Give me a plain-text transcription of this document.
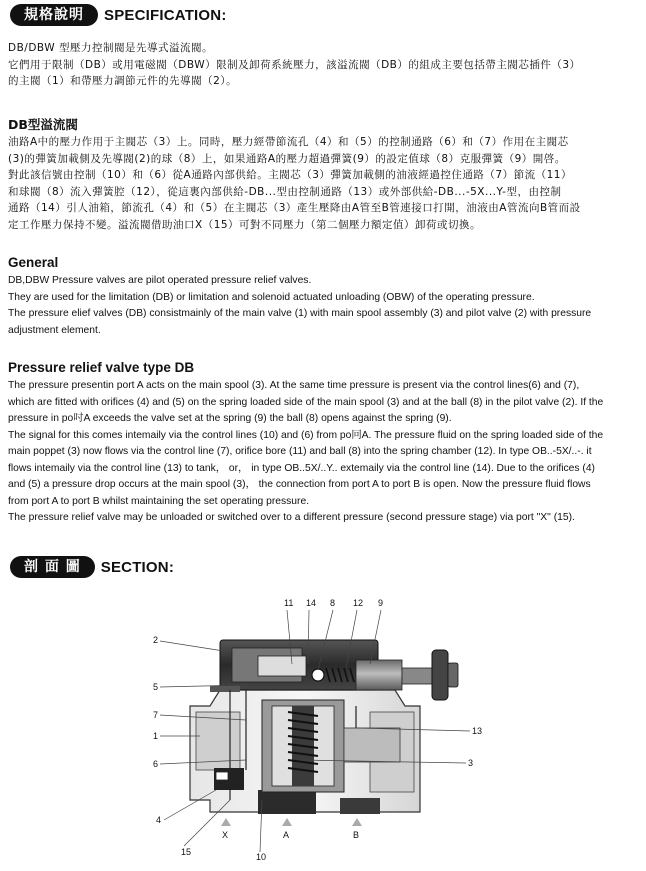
規格說明	SPECIFICATION:

DB/DBW 型壓力控制閥是先導式溢流閥。

它們用于限制（DB）或用電磁閥（DBW）限制及卸荷系統壓力，該溢流閥（DB）的組成主要包括帶主閥芯插件（3）

的主閥（1）和帶壓力調節元件的先導閥（2）。

DB型溢流閥

油路A中的壓力作用于主閥芯（3）上。同時，壓力經帶節流孔（4）和（5）的控制通路（6）和（7）作用在主閥芯

(3)的彈簧加載側及先導閥(2)的球（8）上，如果通路A的壓力超過彈簧(9）的設定值球（8）克服彈簧（9）開啓。

對此該信號由控制（10）和（6）從A通路內部供給。主閥芯（3）彈簧加載側的油液經過控住通路（7）節流（11）

和球閥（8）流入彈簧腔（12），從這裏內部供給-DB...型由控制通路（13）或外部供給-DB...-5X...Y-型，由控制

通路（14）引人油箱，節流孔（4）和（5）在主閥芯（3）產生壓降由A管至B管連接口打開，油液由A管流向B管而設

定工作壓力保持不變。溢流閥借助油口X（15）可對不同壓力（第二個壓力額定值）卸荷或切換。

General

DB,DBW Pressure valves are pilot operated pressure relief valves.

They are used for the limitation (DB) or limitation and solenoid actuated unloading (OBW) of the operating pressure.

The pressure elief valves (DB) consistmainly of the main valve (1) with main spool assembly (3) and pilot valve (2) with pressure

adjustment element.

Pressure relief valve type DB

The pressure presentin port A acts on the main spool (3). At the same time pressure is present via the control lines(6) and (7),

which are fitted with orifices (4) and (5) on the spring loaded side of the main spool (3) and at the ball (8) in the pilot valve (2). If the

pressure in po吋A exceeds the valve set at the spring (9) the ball (8) opens against the spring (9).

The signal for this comes intemaily via the control lines (10) and (6) from po冋A. The pressure fluid on the spring loaded side of the

main poppet (3) now flows via the control line (7), orifice bore (11) and ball (8) into the spring chamber (12). In type OB..-5X/..-. it

flows intemaily via the control line (13) to tank， or， in type OB..5X/..Y.. extemaily via the control line (14). Due to the orifices (4)

and (5) a pressure drop occurs at the main spool (3)， the connection from port A to port B is open. Now the pressure fluid flows

from port A to port B whilst maintaining the set operating pressure.

The pressure relief valve may be unloaded or switched over to a different pressure (second pressure stage) via port "X" (15).

剖 面 圖	SECTION:
11 14 8 12 9
2
5
7
1
6
13
3
4
15	10
X	A	B
